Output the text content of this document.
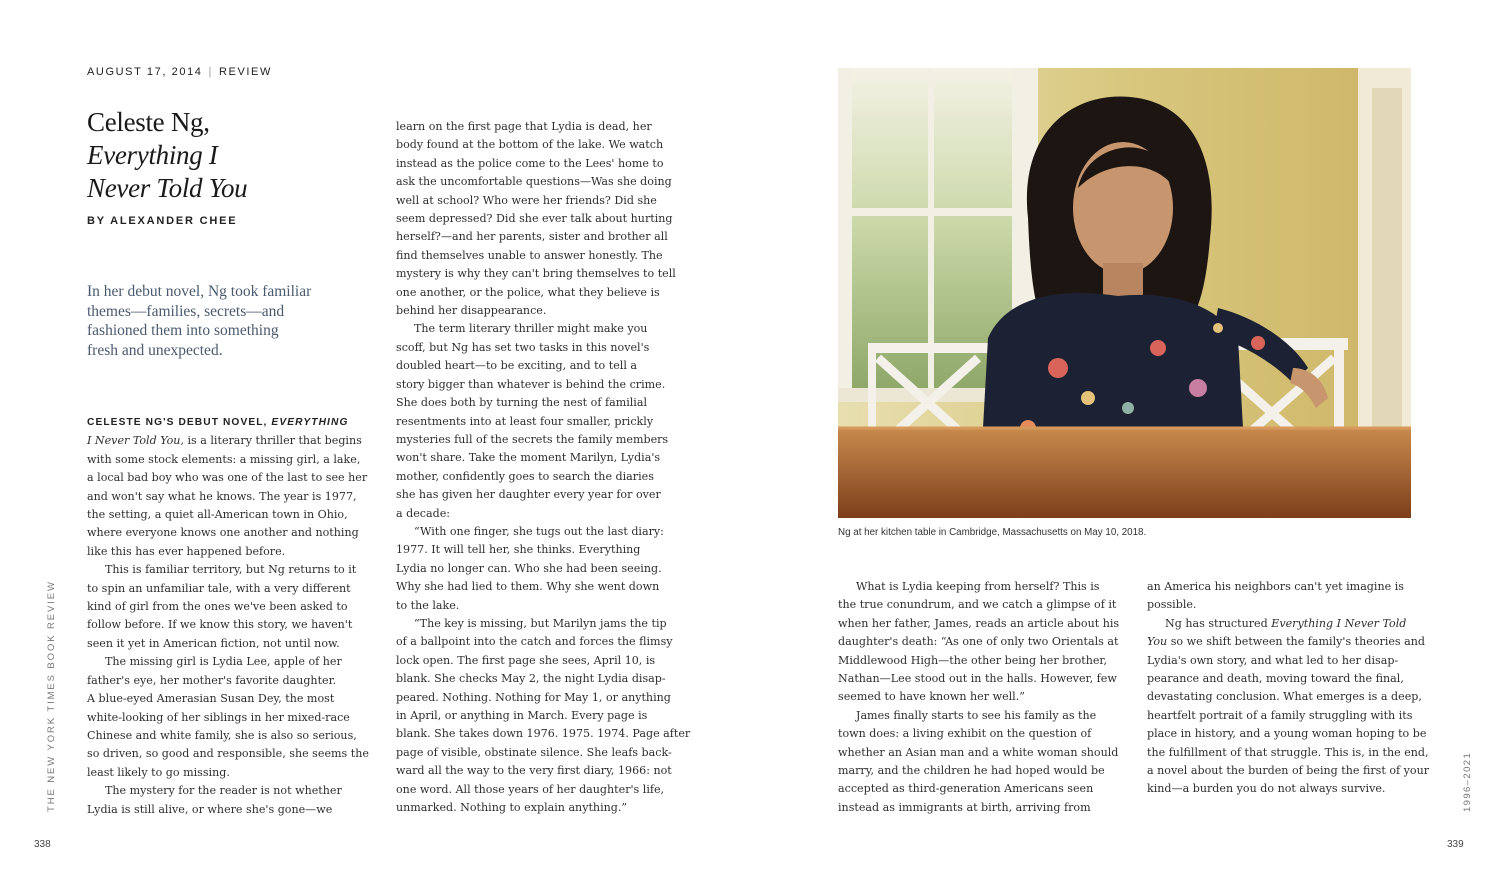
AUGUST 17, 2014 | REVIEW
Celeste Ng,
Everything I
Never Told You
BY ALEXANDER CHEE
In her debut novel, Ng took familiar
themes—families, secrets—and
fashioned them into something
fresh and unexpected.
CELESTE NG'S DEBUT NOVEL, EVERYTHING
I Never Told You, is a literary thriller that begins
with some stock elements: a missing girl, a lake,
a local bad boy who was one of the last to see her
and won't say what he knows. The year is 1977,
the setting, a quiet all-American town in Ohio,
where everyone knows one another and nothing
like this has ever happened before.
This is familiar territory, but Ng returns to it
to spin an unfamiliar tale, with a very different
kind of girl from the ones we've been asked to
follow before. If we know this story, we haven't
seen it yet in American fiction, not until now.
The missing girl is Lydia Lee, apple of her
father's eye, her mother's favorite daughter.
A blue-eyed Amerasian Susan Dey, the most
white-looking of her siblings in her mixed-race
Chinese and white family, she is also so serious,
so driven, so good and responsible, she seems the
least likely to go missing.
The mystery for the reader is not whether
Lydia is still alive, or where she's gone—we
learn on the first page that Lydia is dead, her
body found at the bottom of the lake. We watch
instead as the police come to the Lees' home to
ask the uncomfortable questions—Was she doing
well at school? Who were her friends? Did she
seem depressed? Did she ever talk about hurting
herself?—and her parents, sister and brother all
find themselves unable to answer honestly. The
mystery is why they can't bring themselves to tell
one another, or the police, what they believe is
behind her disappearance.
The term literary thriller might make you
scoff, but Ng has set two tasks in this novel's
doubled heart—to be exciting, and to tell a
story bigger than whatever is behind the crime.
She does both by turning the nest of familial
resentments into at least four smaller, prickly
mysteries full of the secrets the family members
won't share. Take the moment Marilyn, Lydia's
mother, confidently goes to search the diaries
she has given her daughter every year for over
a decade:
“With one finger, she tugs out the last diary:
1977. It will tell her, she thinks. Everything
Lydia no longer can. Who she had been seeing.
Why she had lied to them. Why she went down
to the lake.
“The key is missing, but Marilyn jams the tip
of a ballpoint into the catch and forces the flimsy
lock open. The first page she sees, April 10, is
blank. She checks May 2, the night Lydia disap-
peared. Nothing. Nothing for May 1, or anything
in April, or anything in March. Every page is
blank. She takes down 1976. 1975. 1974. Page after
page of visible, obstinate silence. She leafs back-
ward all the way to the very first diary, 1966: not
one word. All those years of her daughter's life,
unmarked. Nothing to explain anything.”
THE NEW YORK TIMES BOOK REVIEW
338
Ng at her kitchen table in Cambridge, Massachusetts on May 10, 2018.
What is Lydia keeping from herself? This is
the true conundrum, and we catch a glimpse of it
when her father, James, reads an article about his
daughter's death: “As one of only two Orientals at
Middlewood High—the other being her brother,
Nathan—Lee stood out in the halls. However, few
seemed to have known her well.”
James finally starts to see his family as the
town does: a living exhibit on the question of
whether an Asian man and a white woman should
marry, and the children he had hoped would be
accepted as third-generation Americans seen
instead as immigrants at birth, arriving from
an America his neighbors can't yet imagine is
possible.
Ng has structured Everything I Never Told
You so we shift between the family's theories and
Lydia's own story, and what led to her disap-
pearance and death, moving toward the final,
devastating conclusion. What emerges is a deep,
heartfelt portrait of a family struggling with its
place in history, and a young woman hoping to be
the fulfillment of that struggle. This is, in the end,
a novel about the burden of being the first of your
kind—a burden you do not always survive.	1996–2021
339
